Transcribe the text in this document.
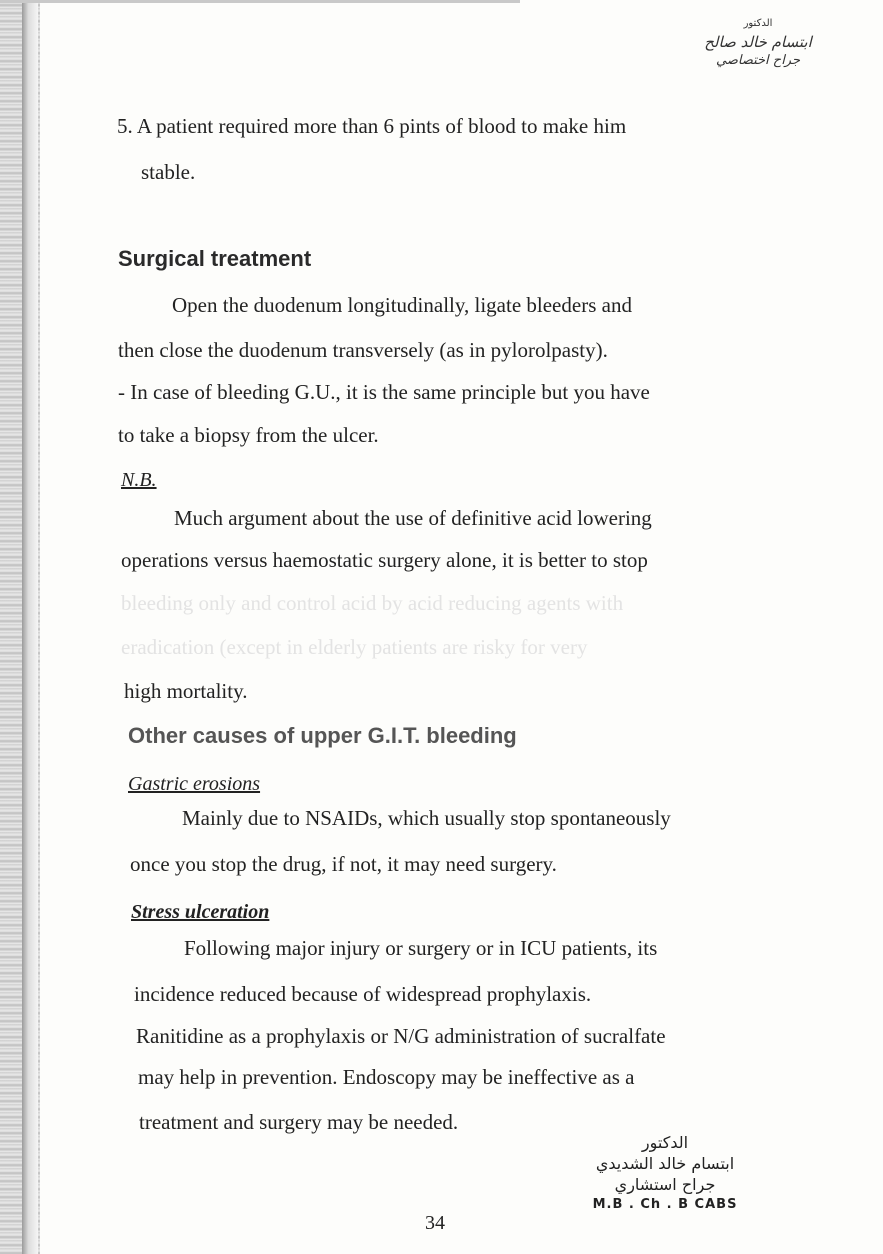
الدكتور
ابتسام خالد صالح
جراح اختصاصي
5. A patient required more than 6 pints of blood to make him
stable.
Surgical treatment
Open the duodenum longitudinally, ligate bleeders and
then close the duodenum transversely (as in pylorolpasty).
- In case of bleeding G.U., it is the same principle but you have
to take a biopsy from the ulcer.
N.B.
Much argument about the use of definitive acid lowering
operations versus haemostatic surgery alone, it is better to stop
bleeding only and control acid by acid reducing agents with
eradication (except in elderly patients are risky for very
high mortality.
Other causes of upper G.I.T. bleeding
Gastric erosions
Mainly due to NSAIDs, which usually stop spontaneously
once you stop the drug, if not, it may need surgery.
Stress ulceration
Following major injury or surgery or in ICU patients, its
incidence reduced because of widespread prophylaxis.
Ranitidine as a prophylaxis or N/G administration of sucralfate
may help in prevention. Endoscopy may be ineffective as a
treatment and surgery may be needed.
الدكتور
ابتسام خالد الشديدي
جراح استشاري
M.B . Ch . B CABS
34
